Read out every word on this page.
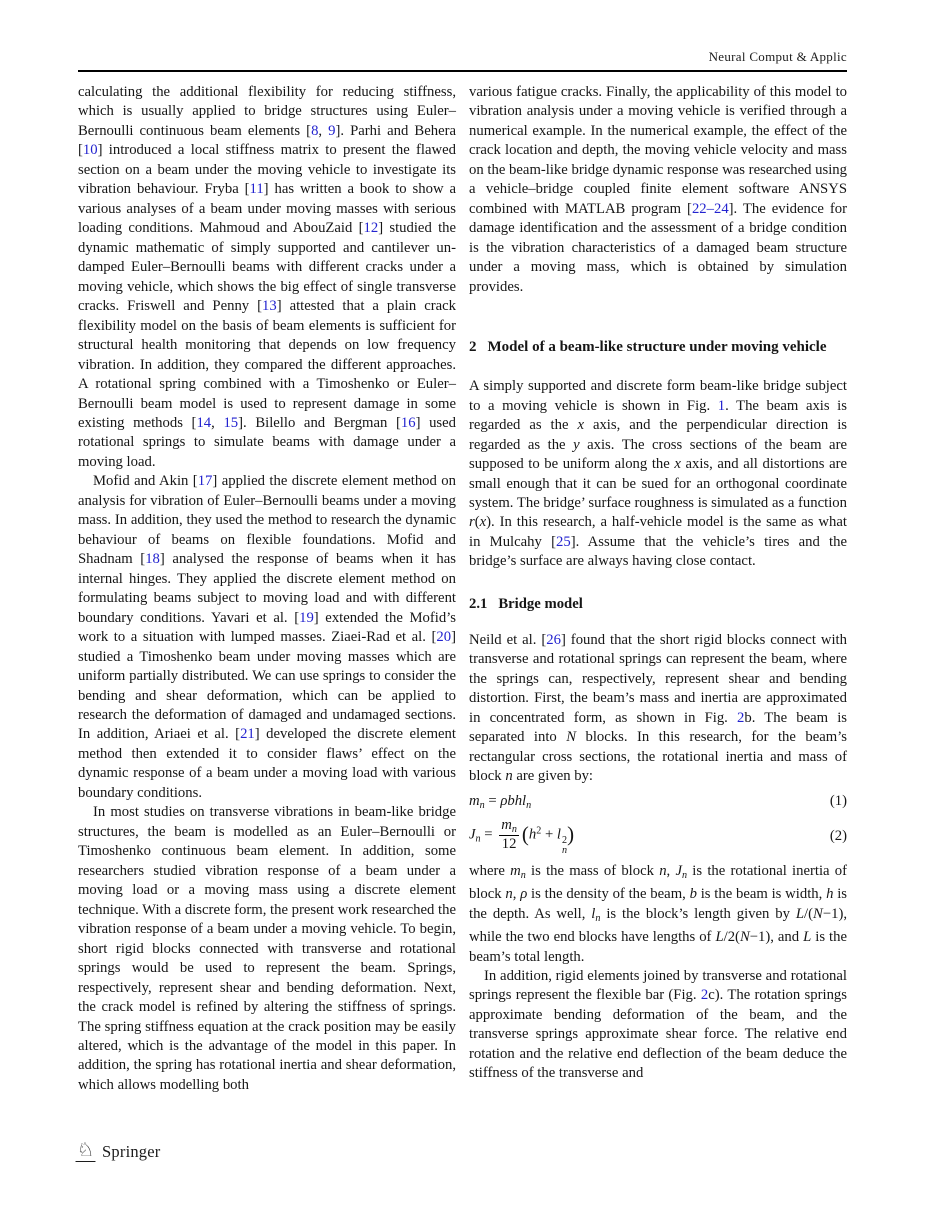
Neural Comput & Applic

calculating the additional flexibility for reducing stiffness, which is usually applied to bridge structures using Euler–Bernoulli continuous beam elements [8, 9]. Parhi and Behera [10] introduced a local stiffness matrix to present the flawed section on a beam under the moving vehicle to investigate its vibration behaviour. Fryba [11] has written a book to show a various analyses of a beam under moving masses with serious loading conditions. Mahmoud and AbouZaid [12] studied the dynamic mathematic of simply supported and cantilever un-damped Euler–Bernoulli beams with different cracks under a moving vehicle, which shows the big effect of single transverse cracks. Friswell and Penny [13] attested that a plain crack flexibility model on the basis of beam elements is sufficient for structural health monitoring that depends on low frequency vibration. In addition, they compared the different approaches. A rotational spring combined with a Timoshenko or Euler–Bernoulli beam model is used to represent damage in some existing methods [14, 15]. Bilello and Bergman [16] used rotational springs to simulate beams with damage under a moving load.

Mofid and Akin [17] applied the discrete element method on analysis for vibration of Euler–Bernoulli beams under a moving mass. In addition, they used the method to research the dynamic behaviour of beams on flexible foundations. Mofid and Shadnam [18] analysed the response of beams when it has internal hinges. They applied the discrete element method on formulating beams subject to moving load and with different boundary conditions. Yavari et al. [19] extended the Mofid’s work to a situation with lumped masses. Ziaei-Rad et al. [20] studied a Timoshenko beam under moving masses which are uniform partially distributed. We can use springs to consider the bending and shear deformation, which can be applied to research the deformation of damaged and undamaged sections. In addition, Ariaei et al. [21] developed the discrete element method then extended it to consider flaws’ effect on the dynamic response of a beam under a moving load with various boundary conditions.

In most studies on transverse vibrations in beam-like bridge structures, the beam is modelled as an Euler–Bernoulli or Timoshenko continuous beam element. In addition, some researchers studied vibration response of a beam under a moving load or a moving mass using a discrete element technique. With a discrete form, the present work researched the vibration response of a beam under a moving vehicle. To begin, short rigid blocks connected with transverse and rotational springs would be used to represent the beam. Springs, respectively, represent shear and bending deformation. Next, the crack model is refined by altering the stiffness of springs. The spring stiffness equation at the crack position may be easily altered, which is the advantage of the model in this paper. In addition, the spring has rotational inertia and shear deformation, which allows modelling both

various fatigue cracks. Finally, the applicability of this model to vibration analysis under a moving vehicle is verified through a numerical example. In the numerical example, the effect of the crack location and depth, the moving vehicle velocity and mass on the beam-like bridge dynamic response was researched using a vehicle–bridge coupled finite element software ANSYS combined with MATLAB program [22–24]. The evidence for damage identification and the assessment of a bridge condition is the vibration characteristics of a damaged beam structure under a moving mass, which is obtained by simulation provides.

2 Model of a beam-like structure under moving vehicle

A simply supported and discrete form beam-like bridge subject to a moving vehicle is shown in Fig. 1. The beam axis is regarded as the x axis, and the perpendicular direction is regarded as the y axis. The cross sections of the beam are supposed to be uniform along the x axis, and all distortions are small enough that it can be sued for an orthogonal coordinate system. The bridge’ surface roughness is simulated as a function r(x). In this research, a half-vehicle model is the same as what in Mulcahy [25]. Assume that the vehicle’s tires and the bridge’s surface are always having close contact.

2.1 Bridge model

Neild et al. [26] found that the short rigid blocks connect with transverse and rotational springs can represent the beam, where the springs can, respectively, represent shear and bending distortion. First, the beam’s mass and inertia are approximated in concentrated form, as shown in Fig. 2b. The beam is separated into N blocks. In this research, for the beam’s rectangular cross sections, the rotational inertia and mass of block n are given by:

$m_n = \rho bhl_n$	(1)
$J_n = \frac{m_n}{12} (h^2 + l$ 2
n
)	(2)

where $m_n$ is the mass of block n, $J_n$ is the rotational inertia of block n, ρ is the density of the beam, b is the beam is width, h is the depth. As well, $l_n$ is the block’s length given by L/(N−1), while the two end blocks have lengths of L/2(N−1), and L is the beam’s total length.

In addition, rigid elements joined by transverse and rotational springs represent the flexible bar (Fig. 2c). The rotation springs approximate bending deformation of the beam, and the transverse springs approximate shear force. The relative end rotation and the relative end deflection of the beam deduce the stiffness of the transverse and

♘ Springer
